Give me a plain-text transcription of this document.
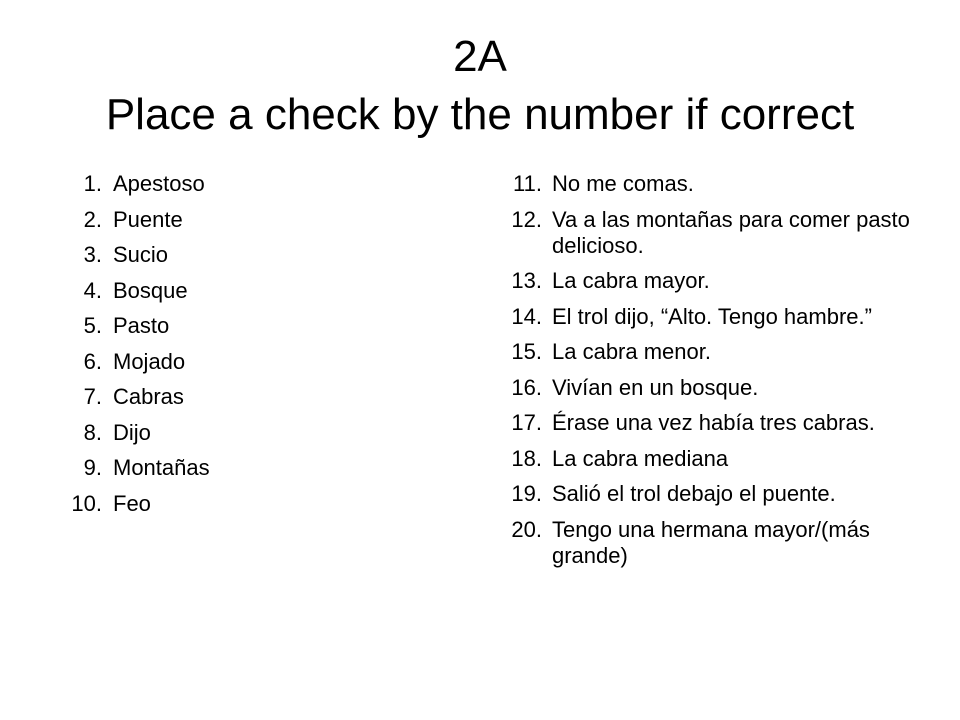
2A
Place a check by the number if correct
1. Apestoso
2. Puente
3. Sucio
4. Bosque
5. Pasto
6. Mojado
7. Cabras
8. Dijo
9. Montañas
10. Feo
11. No me comas.
12. Va a las montañas para comer pasto delicioso.
13. La cabra mayor.
14. El trol dijo, “Alto. Tengo hambre.”
15. La cabra menor.
16. Vivían en un bosque.
17. Érase una vez había tres cabras.
18. La cabra mediana
19. Salió el trol debajo el puente.
20. Tengo una hermana mayor/(más grande)
